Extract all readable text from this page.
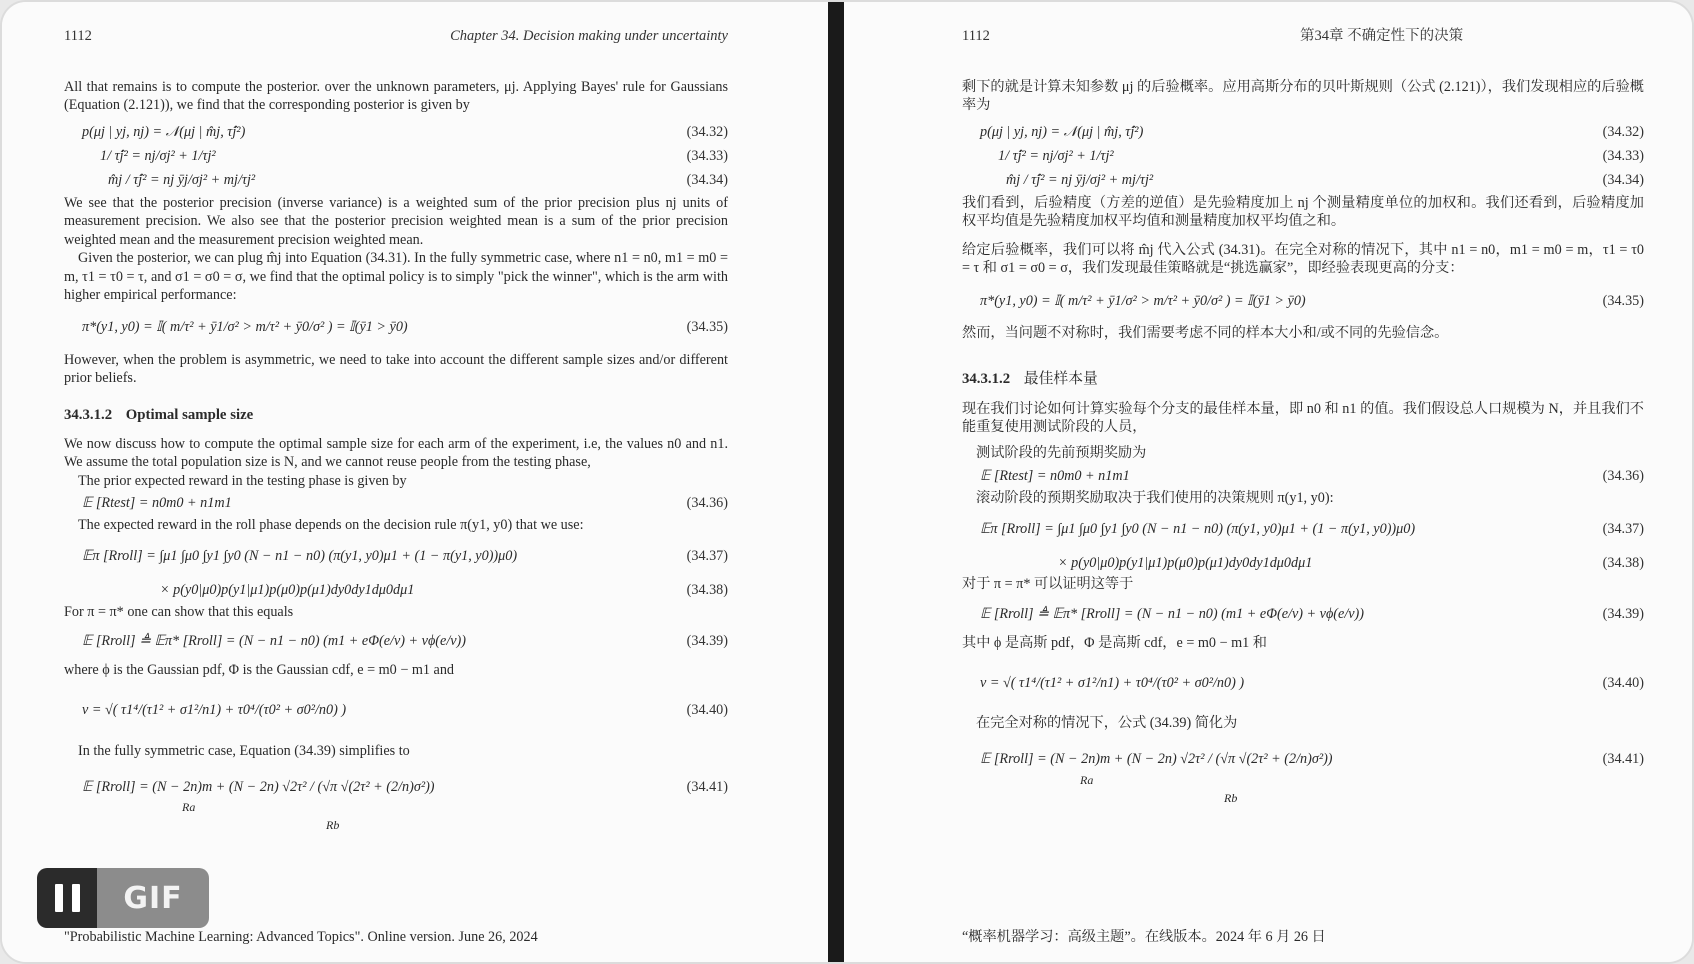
1112	Chapter 34. Decision making under uncertainty

All that remains is to compute the posterior. over the unknown parameters, μj. Applying Bayes' rule for Gaussians (Equation (2.121)), we find that the corresponding posterior is given by

p(μj | yj, nj) = 𝒩(μj | m̂j, τ̂j²)	(34.32)
1/ τ̂j² = nj/σj² + 1/τj²	(34.33)
m̂j / τ̂j² = nj ȳj/σj² + mj/τj²	(34.34)

We see that the posterior precision (inverse variance) is a weighted sum of the prior precision plus nj units of measurement precision. We also see that the posterior precision weighted mean is a sum of the prior precision weighted mean and the measurement precision weighted mean.

Given the posterior, we can plug m̂j into Equation (34.31). In the fully symmetric case, where n1 = n0, m1 = m0 = m, τ1 = τ0 = τ, and σ1 = σ0 = σ, we find that the optimal policy is to simply "pick the winner", which is the arm with higher empirical performance:

π*(y1, y0) = 𝕀( m/τ² + ȳ1/σ² > m/τ² + ȳ0/σ² ) = 𝕀(ȳ1 > ȳ0)	(34.35)

However, when the problem is asymmetric, we need to take into account the different sample sizes and/or different prior beliefs.

34.3.1.2 Optimal sample size

We now discuss how to compute the optimal sample size for each arm of the experiment, i.e, the values n0 and n1. We assume the total population size is N, and we cannot reuse people from the testing phase,

The prior expected reward in the testing phase is given by

𝔼 [Rtest] = n0m0 + n1m1	(34.36)

The expected reward in the roll phase depends on the decision rule π(y1, y0) that we use:

𝔼π [Rroll] = ∫μ1 ∫μ0 ∫y1 ∫y0 (N − n1 − n0) (π(y1, y0)μ1 + (1 − π(y1, y0))μ0)	(34.37)
× p(y0|μ0)p(y1|μ1)p(μ0)p(μ1)dy0dy1dμ0dμ1	(34.38)

For π = π* one can show that this equals

𝔼 [Rroll] ≜ 𝔼π* [Rroll] = (N − n1 − n0) (m1 + eΦ(e/v) + vϕ(e/v))	(34.39)

where ϕ is the Gaussian pdf, Φ is the Gaussian cdf, e = m0 − m1 and

v = √( τ1⁴/(τ1² + σ1²/n1) + τ0⁴/(τ0² + σ0²/n0) )	(34.40)

In the fully symmetric case, Equation (34.39) simplifies to

𝔼 [Rroll] = (N − 2n)m + (N − 2n) √2τ² / (√π √(2τ² + (2/n)σ²))	(34.41)
Ra
Rb
"Probabilistic Machine Learning: Advanced Topics". Online version. June 26, 2024
1112	第34章 不确定性下的决策

剩下的就是计算未知参数 μj 的后验概率。应用高斯分布的贝叶斯规则（公式 (2.121)），我们发现相应的后验概率为

p(μj | yj, nj) = 𝒩(μj | m̂j, τ̂j²)	(34.32)
1/ τ̂j² = nj/σj² + 1/τj²	(34.33)
m̂j / τ̂j² = nj ȳj/σj² + mj/τj²	(34.34)

我们看到，后验精度（方差的逆值）是先验精度加上 nj 个测量精度单位的加权和。我们还看到，后验精度加权平均值是先验精度加权平均值和测量精度加权平均值之和。

给定后验概率，我们可以将 m̂j 代入公式 (34.31)。在完全对称的情况下，其中 n1 = n0，m1 = m0 = m，τ1 = τ0 = τ 和 σ1 = σ0 = σ，我们发现最佳策略就是“挑选赢家”，即经验表现更高的分支：

π*(y1, y0) = 𝕀( m/τ² + ȳ1/σ² > m/τ² + ȳ0/σ² ) = 𝕀(ȳ1 > ȳ0)	(34.35)

然而，当问题不对称时，我们需要考虑不同的样本大小和/或不同的先验信念。

34.3.1.2 最佳样本量

现在我们讨论如何计算实验每个分支的最佳样本量，即 n0 和 n1 的值。我们假设总人口规模为 N，并且我们不能重复使用测试阶段的人员，

测试阶段的先前预期奖励为

𝔼 [Rtest] = n0m0 + n1m1	(34.36)

滚动阶段的预期奖励取决于我们使用的决策规则 π(y1, y0):

𝔼π [Rroll] = ∫μ1 ∫μ0 ∫y1 ∫y0 (N − n1 − n0) (π(y1, y0)μ1 + (1 − π(y1, y0))μ0)	(34.37)
× p(y0|μ0)p(y1|μ1)p(μ0)p(μ1)dy0dy1dμ0dμ1	(34.38)

对于 π = π* 可以证明这等于

𝔼 [Rroll] ≜ 𝔼π* [Rroll] = (N − n1 − n0) (m1 + eΦ(e/v) + vϕ(e/v))	(34.39)

其中 ϕ 是高斯 pdf，Φ 是高斯 cdf，e = m0 − m1 和

v = √( τ1⁴/(τ1² + σ1²/n1) + τ0⁴/(τ0² + σ0²/n0) )	(34.40)

在完全对称的情况下，公式 (34.39) 简化为

𝔼 [Rroll] = (N − 2n)m + (N − 2n) √2τ² / (√π √(2τ² + (2/n)σ²))	(34.41)
Ra
Rb
“概率机器学习：高级主题”。在线版本。2024 年 6 月 26 日
GIF
